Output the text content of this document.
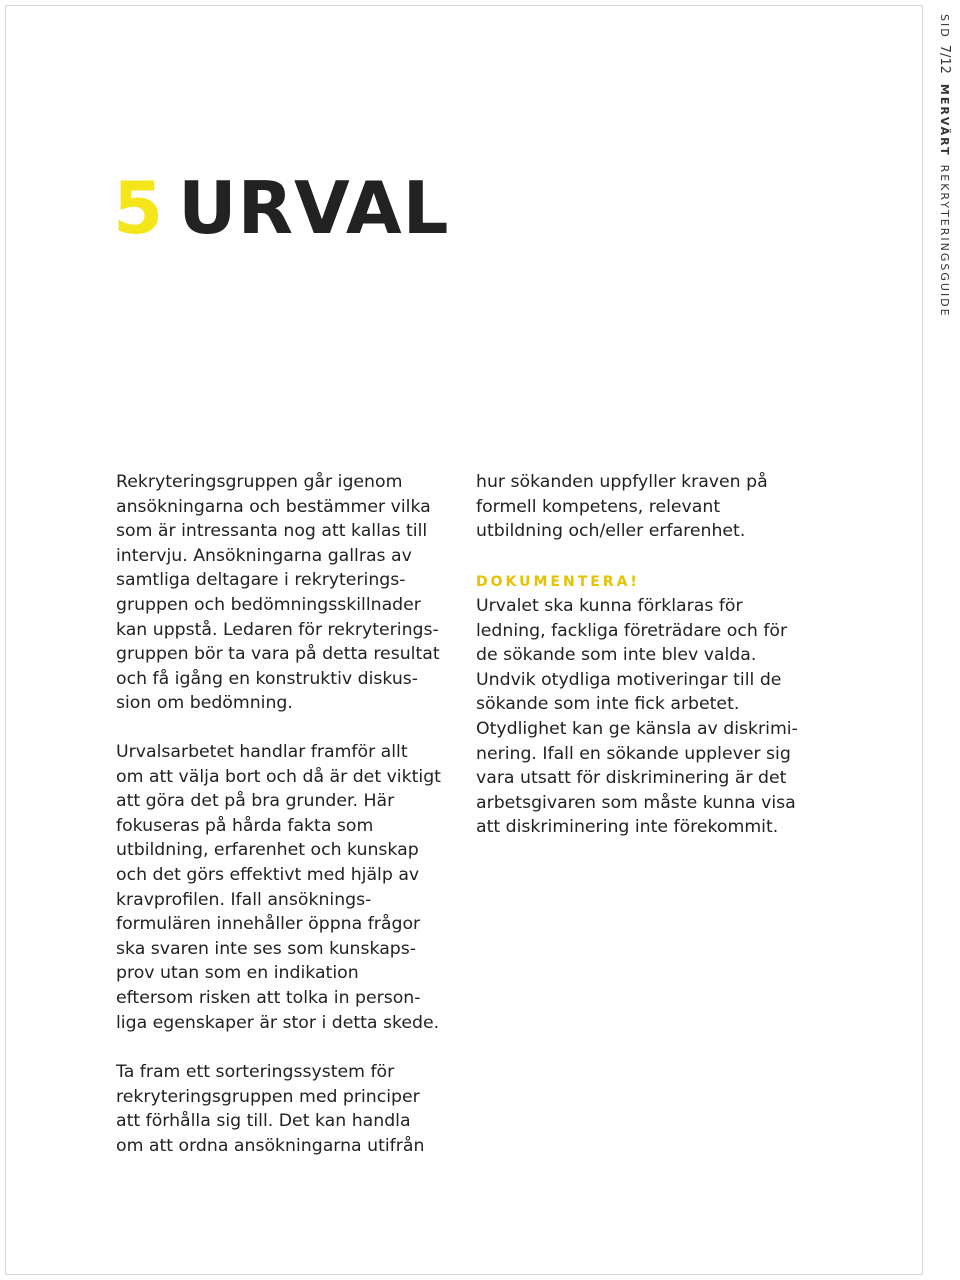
5 URVAL
SID7/12MERVÄRTREKRYTERINGSGUIDE
Rekryteringsgruppen går igenom
ansökningarna och bestämmer vilka
som är intressanta nog att kallas till
intervju. Ansökningarna gallras av
samtliga deltagare i rekryterings-
gruppen och bedömningsskillnader
kan uppstå. Ledaren för rekryterings-
gruppen bör ta vara på detta resultat
och få igång en konstruktiv diskus-
sion om bedömning.
Urvalsarbetet handlar framför allt
om att välja bort och då är det viktigt
att göra det på bra grunder. Här
fokuseras på hårda fakta som
utbildning, erfarenhet och kunskap
och det görs effektivt med hjälp av
kravprofilen. Ifall ansöknings-
formulären innehåller öppna frågor
ska svaren inte ses som kunskaps-
prov utan som en indikation
eftersom risken att tolka in person-
liga egenskaper är stor i detta skede.
Ta fram ett sorteringssystem för
rekryteringsgruppen med principer
att förhålla sig till. Det kan handla
om att ordna ansökningarna utifrån
hur sökanden uppfyller kraven på
formell kompetens, relevant
utbildning och/eller erfarenhet.

DOKUMENTERA!

Urvalet ska kunna förklaras för
ledning, fackliga företrädare och för
de sökande som inte blev valda.
Undvik otydliga motiveringar till de
sökande som inte fick arbetet.
Otydlighet kan ge känsla av diskrimi-
nering. Ifall en sökande upplever sig
vara utsatt för diskriminering är det
arbetsgivaren som måste kunna visa
att diskriminering inte förekommit.
